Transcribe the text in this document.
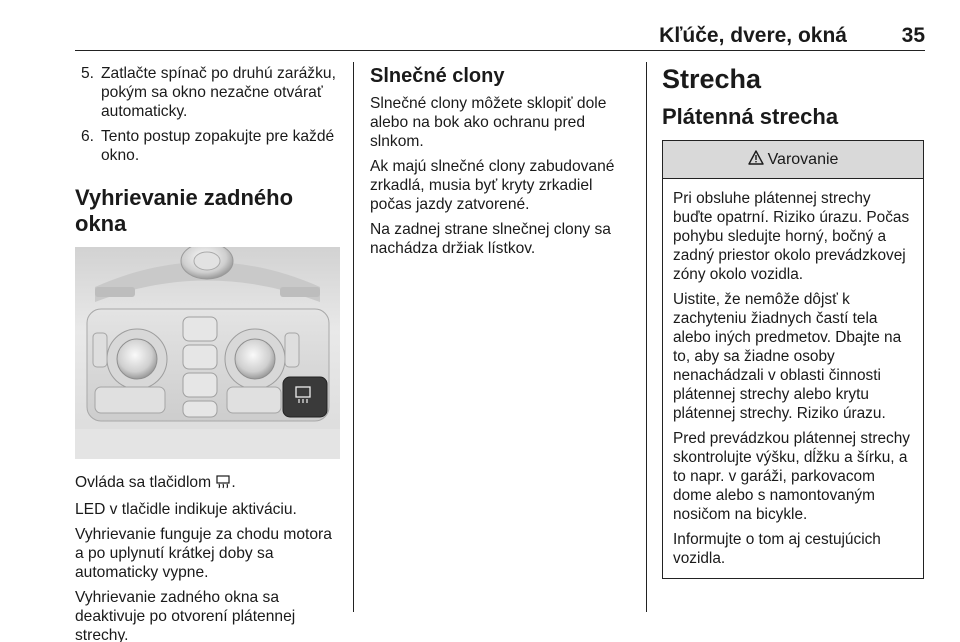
Kľúče, dvere, okná	35
5. Zatlačte spínač po druhú zarážku, pokým sa okno nezačne otvárať automaticky.
6. Tento postup zopakujte pre každé okno.
Vyhrievanie zadného okna
Ovláda sa tlačidlom .
LED v tlačidle indikuje aktiváciu.
Vyhrievanie funguje za chodu motora a po uplynutí krátkej doby sa automaticky vypne.
Vyhrievanie zadného okna sa deaktivuje po otvorení plátennej strechy.
Slnečné clony
Slnečné clony môžete sklopiť dole alebo na bok ako ochranu pred slnkom.
Ak majú slnečné clony zabudované zrkadlá, musia byť kryty zrkadiel počas jazdy zatvorené.
Na zadnej strane slnečnej clony sa nachádza držiak lístkov.
Strecha
Plátenná strecha
Varovanie
Pri obsluhe plátennej strechy buďte opatrní. Riziko úrazu. Počas pohybu sledujte horný, bočný a zadný priestor okolo prevádzkovej zóny okolo vozidla.
Uistite, že nemôže dôjsť k zachyteniu žiadnych častí tela alebo iných predmetov. Dbajte na to, aby sa žiadne osoby nenachádzali v oblasti činnosti plátennej strechy alebo krytu plátennej strechy. Riziko úrazu.
Pred prevádzkou plátennej strechy skontrolujte výšku, dĺžku a šírku, a to napr. v garáži, parkovacom dome alebo s namontovaným nosičom na bicykle.
Informujte o tom aj cestujúcich vozidla.
